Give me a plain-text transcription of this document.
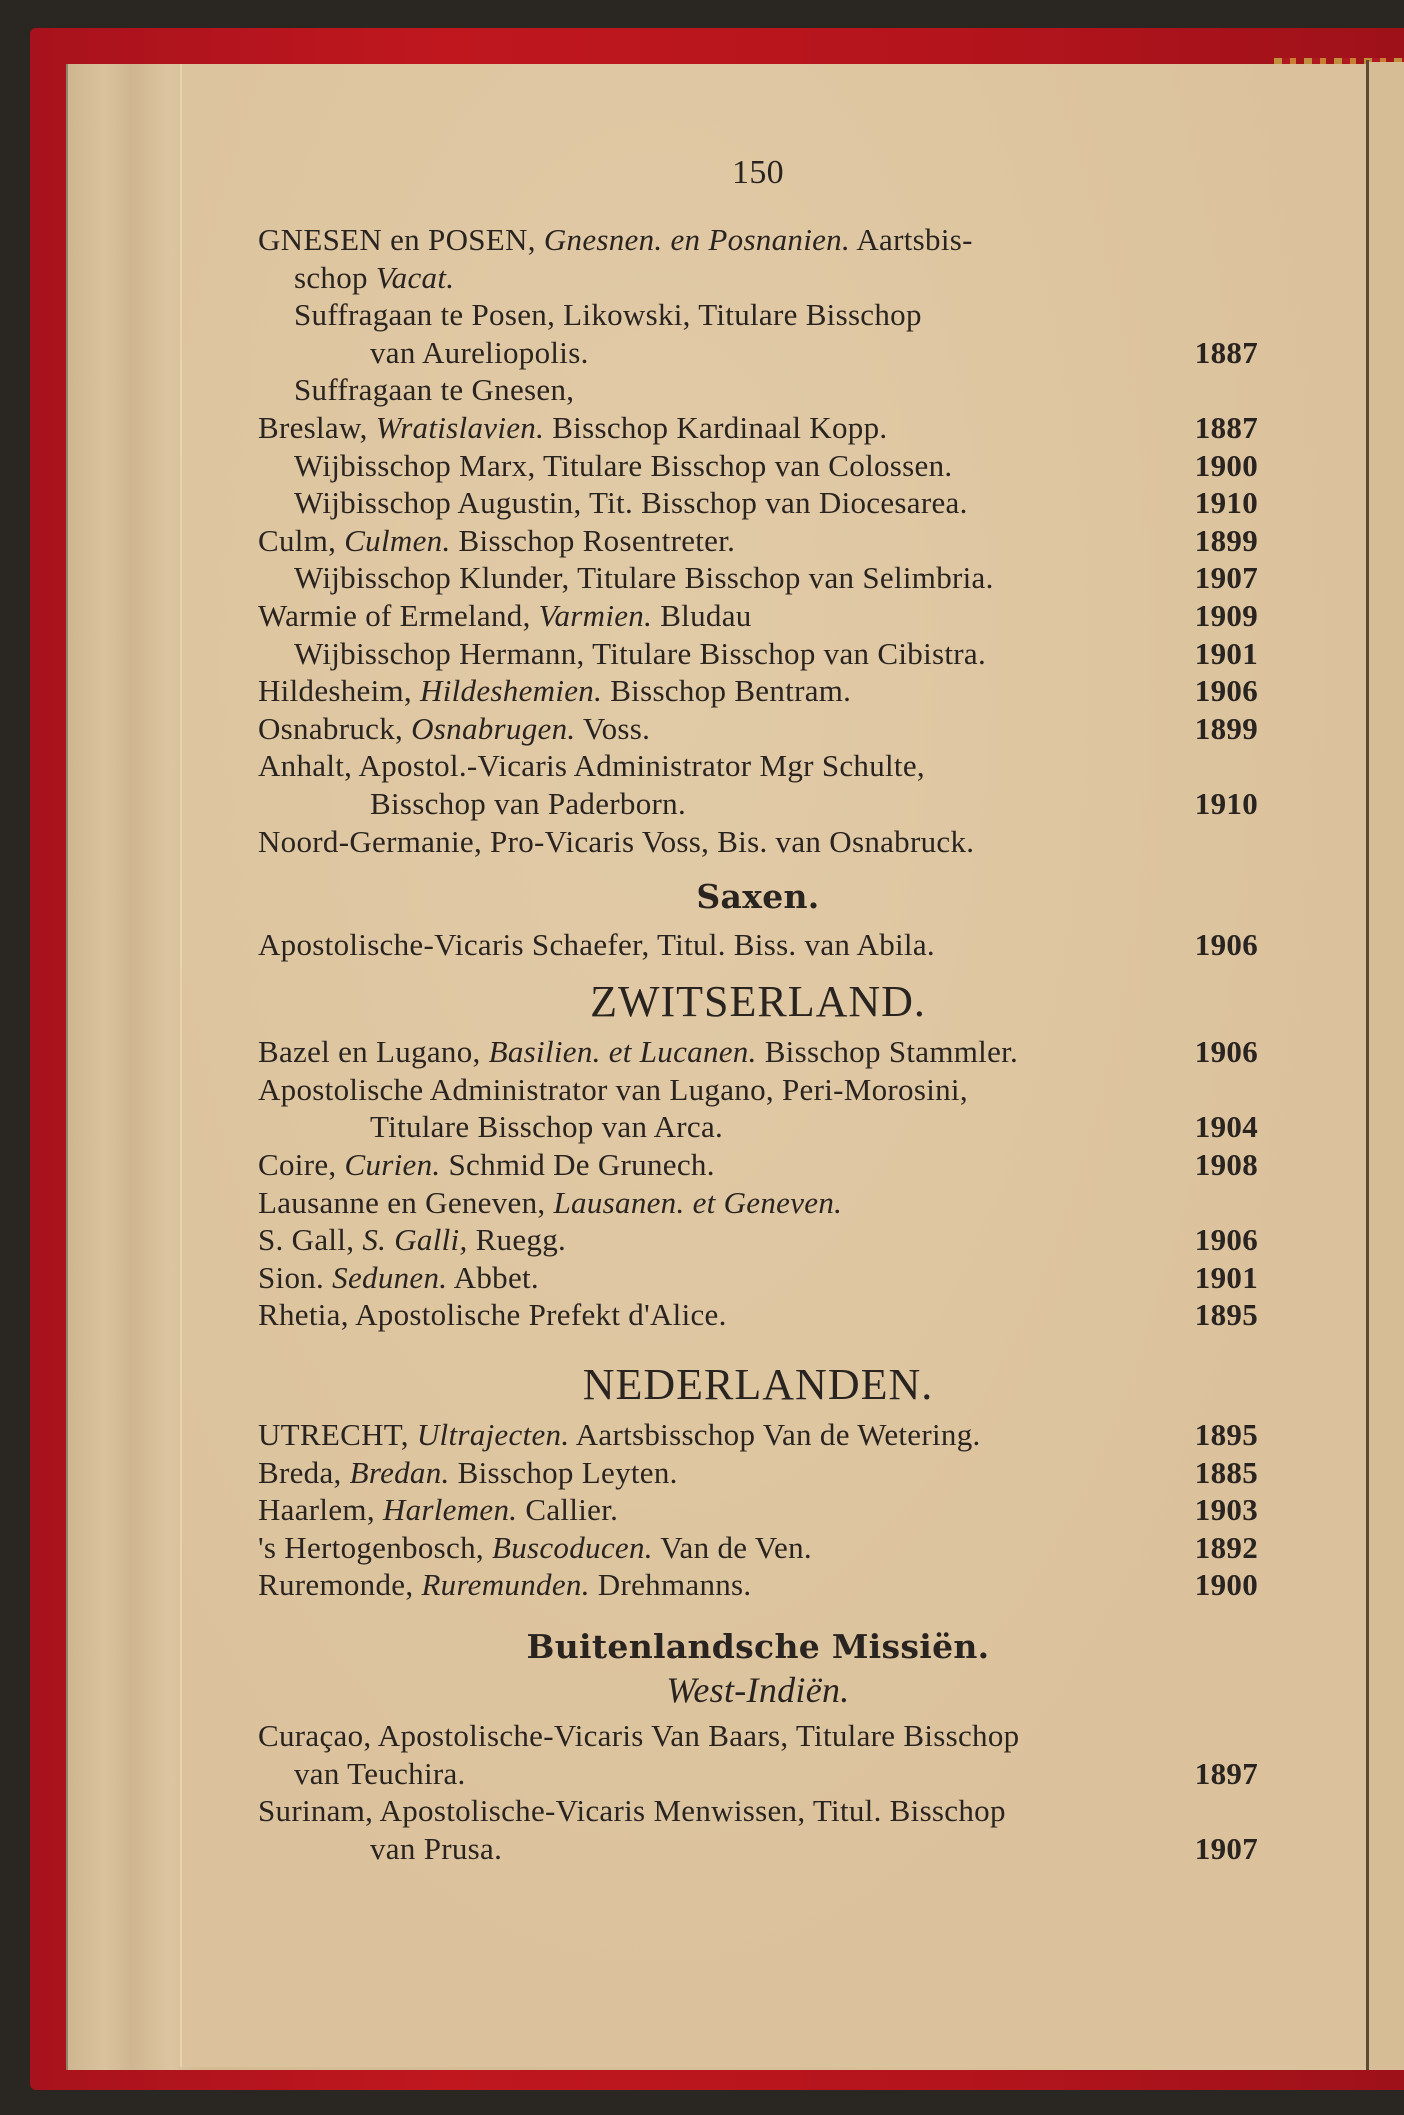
150
GNESEN en POSEN, Gnesnen. en Posnanien. Aartsbis-
schop Vacat.
Suffragaan te Posen, Likowski, Titulare Bisschop
van Aureliopolis.	1887
Suffragaan te Gnesen,
Breslaw, Wratislavien. Bisschop Kardinaal Kopp.	1887
Wijbisschop Marx, Titulare Bisschop van Colossen.	1900
Wijbisschop Augustin, Tit. Bisschop van Diocesarea.	1910
Culm, Culmen. Bisschop Rosentreter.	1899
Wijbisschop Klunder, Titulare Bisschop van Selimbria.	1907
Warmie of Ermeland, Varmien. Bludau	1909
Wijbisschop Hermann, Titulare Bisschop van Cibistra.	1901
Hildesheim, Hildeshemien. Bisschop Bentram.	1906
Osnabruck, Osnabrugen. Voss.	1899
Anhalt, Apostol.-Vicaris Administrator Mgr Schulte,
Bisschop van Paderborn.	1910
Noord-Germanie, Pro-Vicaris Voss, Bis. van Osnabruck.
Saxen.
Apostolische-Vicaris Schaefer, Titul. Biss. van Abila.	1906
ZWITSERLAND.
Bazel en Lugano, Basilien. et Lucanen. Bisschop Stammler.	1906
Apostolische Administrator van Lugano, Peri-Morosini,
Titulare Bisschop van Arca.	1904
Coire, Curien. Schmid De Grunech.	1908
Lausanne en Geneven, Lausanen. et Geneven.
S. Gall, S. Galli, Ruegg.	1906
Sion. Sedunen. Abbet.	1901
Rhetia, Apostolische Prefekt d'Alice.	1895
NEDERLANDEN.
UTRECHT, Ultrajecten. Aartsbisschop Van de Wetering.	1895
Breda, Bredan. Bisschop Leyten.	1885
Haarlem, Harlemen. Callier.	1903
's Hertogenbosch, Buscoducen. Van de Ven.	1892
Ruremonde, Ruremunden. Drehmanns.	1900
Buitenlandsche Missiën.
West-Indiën.
Curaçao, Apostolische-Vicaris Van Baars, Titulare Bisschop
van Teuchira.	1897
Surinam, Apostolische-Vicaris Menwissen, Titul. Bisschop
van Prusa.	1907
